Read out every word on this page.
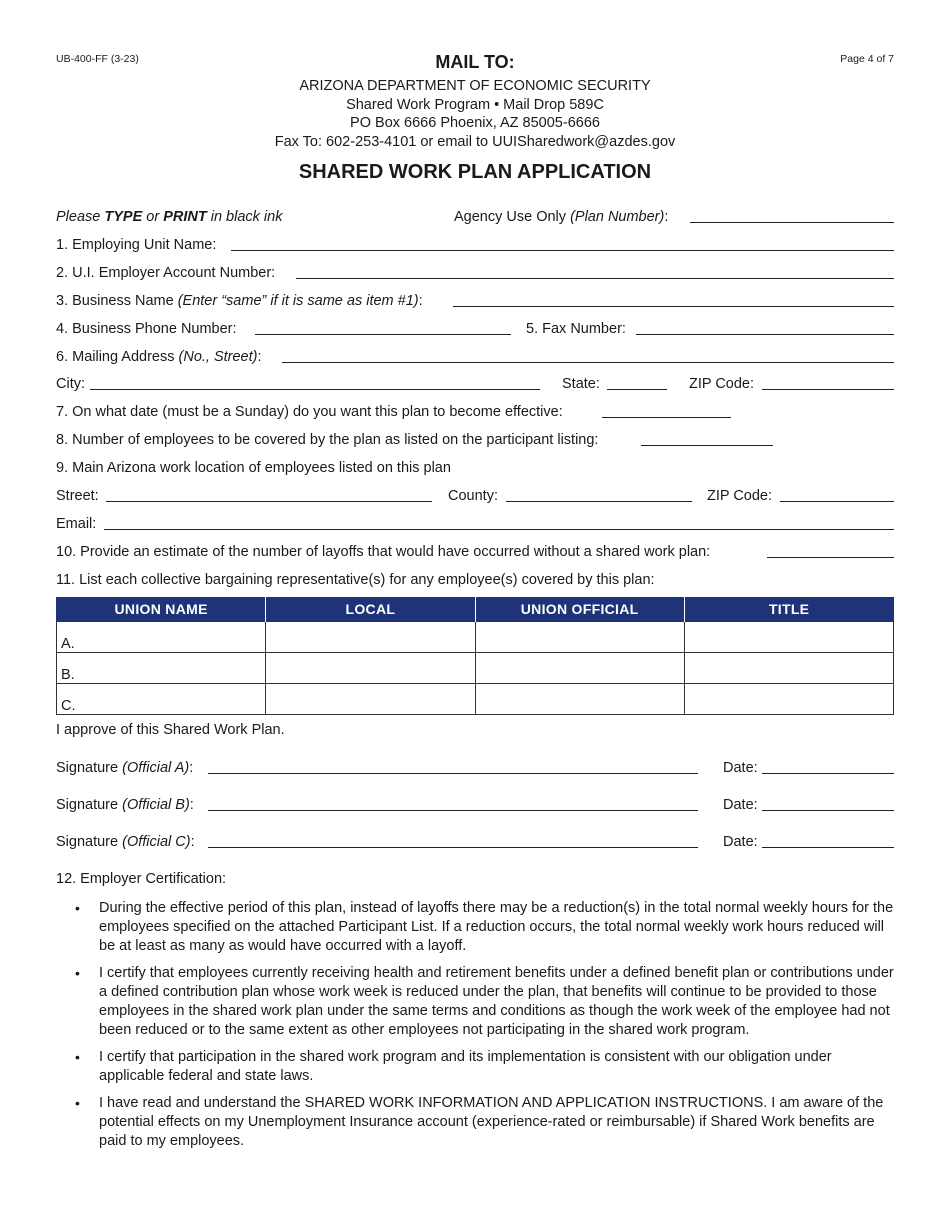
UB-400-FF (3-23)	Page 4 of 7
MAIL TO:
ARIZONA DEPARTMENT OF ECONOMIC SECURITY
Shared Work Program • Mail Drop 589C
PO Box 6666 Phoenix, AZ 85005-6666
Fax To: 602-253-4101 or email to UUISharedwork@azdes.gov
SHARED WORK PLAN APPLICATION
Please TYPE or PRINT in black ink	Agency Use Only (Plan Number):
1. Employing Unit Name:
2. U.I. Employer Account Number:
3. Business Name (Enter “same” if it is same as item #1):
4. Business Phone Number:	5. Fax Number:
6. Mailing Address (No., Street):
City:	State:	ZIP Code:
7. On what date (must be a Sunday) do you want this plan to become effective:
8. Number of employees to be covered by the plan as listed on the participant listing:
9. Main Arizona work location of employees listed on this plan
Street:	County:	ZIP Code:
Email:
10. Provide an estimate of the number of layoffs that would have occurred without a shared work plan:
11. List each collective bargaining representative(s) for any employee(s) covered by this plan:
UNION NAME	LOCAL	UNION OFFICIAL	TITLE
A.			
B.			
C.			
I approve of this Shared Work Plan.
Signature (Official A):	Date:
Signature (Official B):	Date:
Signature (Official C):	Date:
12. Employer Certification:
• During the effective period of this plan, instead of layoffs there may be a reduction(s) in the total normal weekly hours for the employees specified on the attached Participant List. If a reduction occurs, the total normal weekly work hours reduced will be at least as many as would have occurred with a layoff.
• I certify that employees currently receiving health and retirement benefits under a defined benefit plan or contributions under a defined contribution plan whose work week is reduced under the plan, that benefits will continue to be provided to those employees in the shared work plan under the same terms and conditions as though the work week of the employee had not been reduced or to the same extent as other employees not participating in the shared work program.
• I certify that participation in the shared work program and its implementation is consistent with our obligation under applicable federal and state laws.
• I have read and understand the SHARED WORK INFORMATION AND APPLICATION INSTRUCTIONS. I am aware of the potential effects on my Unemployment Insurance account (experience-rated or reimbursable) if Shared Work benefits are paid to my employees.
